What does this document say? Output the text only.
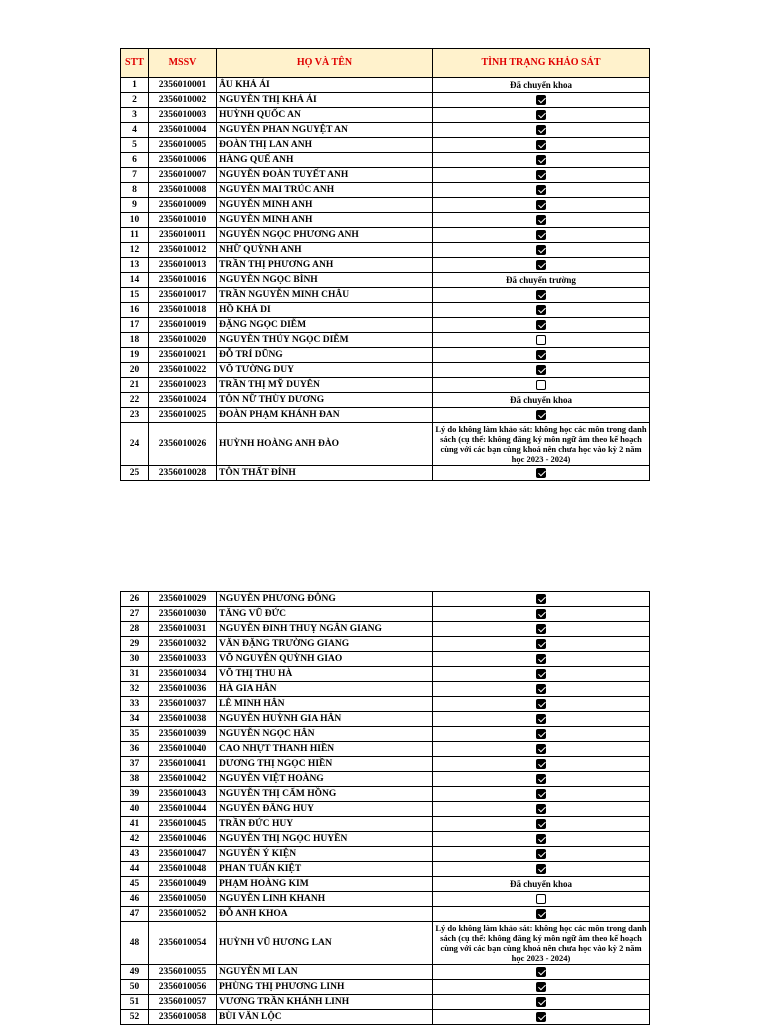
STT	MSSV	HỌ VÀ TÊN	TÌNH TRẠNG KHẢO SÁT
1	2356010001	ÂU KHẢ ÁI	Đã chuyển khoa
2	2356010002	NGUYỄN THỊ KHẢ ÁI	
3	2356010003	HUỲNH QUỐC AN	
4	2356010004	NGUYỄN PHAN NGUYỆT AN	
5	2356010005	ĐOÀN THỊ LAN ANH	
6	2356010006	HÀNG QUẾ ANH	
7	2356010007	NGUYỄN ĐOÀN TUYẾT ANH	
8	2356010008	NGUYỄN MAI TRÚC ANH	
9	2356010009	NGUYỄN MINH ANH	
10	2356010010	NGUYỄN MINH ANH	
11	2356010011	NGUYỄN NGỌC PHƯƠNG ANH	
12	2356010012	NHỮ QUỲNH ANH	
13	2356010013	TRẦN THỊ PHƯƠNG ANH	
14	2356010016	NGUYỄN NGỌC BÌNH	Đã chuyển trường
15	2356010017	TRẦN NGUYỄN MINH CHÂU	
16	2356010018	HỒ KHẢ DI	
17	2356010019	ĐẶNG NGỌC DIỄM	
18	2356010020	NGUYỄN THÚY NGỌC DIỄM	
19	2356010021	ĐỖ TRÍ DŨNG	
20	2356010022	VÕ TƯỜNG DUY	
21	2356010023	TRẦN THỊ MỸ DUYÊN	
22	2356010024	TÔN NỮ THÙY DƯƠNG	Đã chuyển khoa
23	2356010025	ĐOÀN PHẠM KHÁNH ĐAN	
24	2356010026	HUỲNH HOÀNG ANH ĐÀO	Lý do không làm khảo sát: không học các môn trong danh sách (cụ thể: không đăng ký môn ngữ âm theo kế hoạch cùng với các bạn cùng khoá nên chưa học vào kỳ 2 năm học 2023 - 2024)
25	2356010028	TÔN THẤT ĐÍNH	
26	2356010029	NGUYỄN PHƯƠNG ĐÔNG	
27	2356010030	TĂNG VŨ ĐỨC	
28	2356010031	NGUYỄN ĐINH THUỴ NGÂN GIANG	
29	2356010032	VĂN ĐẶNG TRƯỜNG GIANG	
30	2356010033	VÕ NGUYỄN QUỲNH GIAO	
31	2356010034	VÕ THỊ THU HÀ	
32	2356010036	HÀ GIA HÂN	
33	2356010037	LÊ MINH HÂN	
34	2356010038	NGUYỄN HUỲNH GIA HÂN	
35	2356010039	NGUYỄN NGỌC HÂN	
36	2356010040	CAO NHỰT THANH HIỀN	
37	2356010041	DƯƠNG THỊ NGỌC HIỀN	
38	2356010042	NGUYỄN VIỆT HOÀNG	
39	2356010043	NGUYỄN THỊ CẨM HỒNG	
40	2356010044	NGUYỄN ĐĂNG HUY	
41	2356010045	TRẦN ĐỨC HUY	
42	2356010046	NGUYỄN THỊ NGỌC HUYỀN	
43	2356010047	NGUYỄN Ý KIỆN	
44	2356010048	PHAN TUẤN KIỆT	
45	2356010049	PHẠM HOÀNG KIM	Đã chuyển khoa
46	2356010050	NGUYỄN LINH KHANH	
47	2356010052	ĐỖ ANH KHOA	
48	2356010054	HUỲNH VŨ HƯƠNG LAN	Lý do không làm khảo sát: không học các môn trong danh sách (cụ thể: không đăng ký môn ngữ âm theo kế hoạch cùng với các bạn cùng khoá nên chưa học vào kỳ 2 năm học 2023 - 2024)
49	2356010055	NGUYỄN MI LAN	
50	2356010056	PHÙNG THỊ PHƯƠNG LINH	
51	2356010057	VƯƠNG TRẦN KHÁNH LINH	
52	2356010058	BÙI VĂN LỘC	
